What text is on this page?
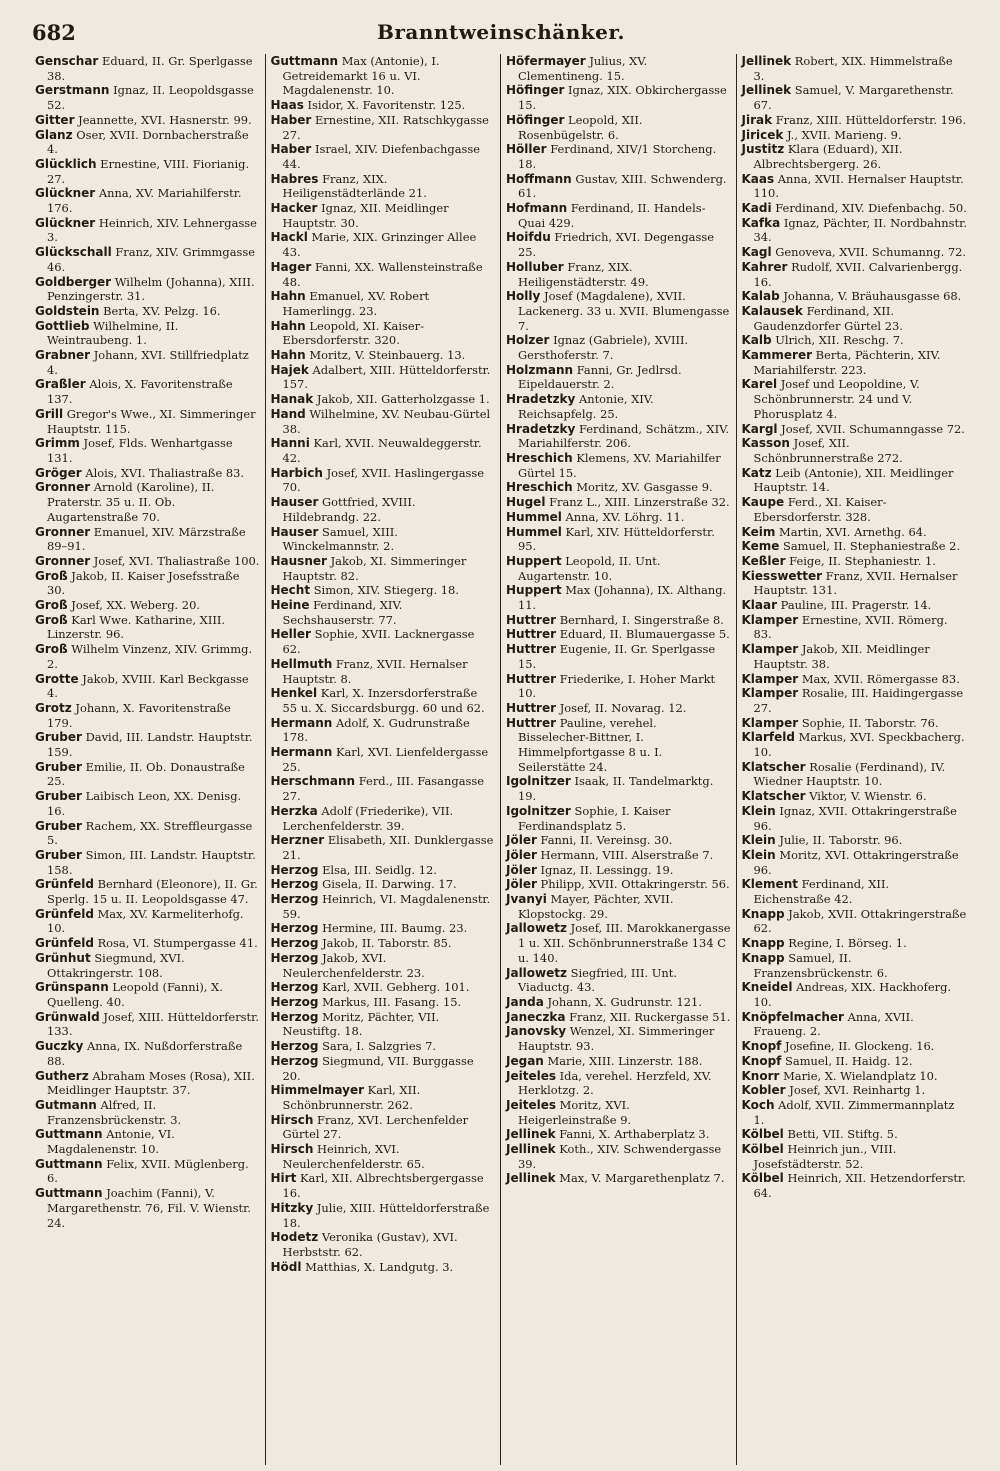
682	Branntweinschänker.
Genschar Eduard, II. Gr. Sperlgasse 38.
Gerstmann Ignaz, II. Leopoldsgasse 52.
Gitter Jeannette, XVI. Hasnerstr. 99.
Glanz Oser, XVII. Dornbacherstraße 4.
Glücklich Ernestine, VIII. Fiorianig. 27.
Glückner Anna, XV. Mariahilferstr. 176.
Glückner Heinrich, XIV. Lehnergasse 3.
Glückschall Franz, XIV. Grimmgasse 46.
Goldberger Wilhelm (Johanna), XIII. Penzingerstr. 31.
Goldstein Berta, XV. Pelzg. 16.
Gottlieb Wilhelmine, II. Weintraubeng. 1.
Grabner Johann, XVI. Stillfriedplatz 4.
Graßler Alois, X. Favoritenstraße 137.
Grill Gregor's Wwe., XI. Simmeringer Hauptstr. 115.
Grimm Josef, Flds. Wenhartgasse 131.
Gröger Alois, XVI. Thaliastraße 83.
Gronner Arnold (Karoline), II. Praterstr. 35 u. II. Ob. Augartenstraße 70.
Gronner Emanuel, XIV. Märzstraße 89–91.
Gronner Josef, XVI. Thaliastraße 100.
Groß Jakob, II. Kaiser Josefsstraße 30.
Groß Josef, XX. Weberg. 20.
Groß Karl Wwe. Katharine, XIII. Linzerstr. 96.
Groß Wilhelm Vinzenz, XIV. Grimmg. 2.
Grotte Jakob, XVIII. Karl Beckgasse 4.
Grotz Johann, X. Favoritenstraße 179.
Gruber David, III. Landstr. Hauptstr. 159.
Gruber Emilie, II. Ob. Donaustraße 25.
Gruber Laibisch Leon, XX. Denisg. 16.
Gruber Rachem, XX. Streffleurgasse 5.
Gruber Simon, III. Landstr. Hauptstr. 158.
Grünfeld Bernhard (Eleonore), II. Gr. Sperlg. 15 u. II. Leopoldsgasse 47.
Grünfeld Max, XV. Karmeliterhofg. 10.
Grünfeld Rosa, VI. Stumpergasse 41.
Grünhut Siegmund, XVI. Ottakringerstr. 108.
Grünspann Leopold (Fanni), X. Quelleng. 40.
Grünwald Josef, XIII. Hütteldorferstr. 133.
Guczky Anna, IX. Nußdorferstraße 88.
Gutherz Abraham Moses (Rosa), XII. Meidlinger Hauptstr. 37.
Gutmann Alfred, II. Franzensbrückenstr. 3.
Guttmann Antonie, VI. Magdalenenstr. 10.
Guttmann Felix, XVII. Müglenberg. 6.
Guttmann Joachim (Fanni), V. Margarethenstr. 76, Fil. V. Wienstr. 24.
Guttmann Max (Antonie), I. Getreidemarkt 16 u. VI. Magdalenenstr. 10.
Haas Isidor, X. Favoritenstr. 125.
Haber Ernestine, XII. Ratschkygasse 27.
Haber Israel, XIV. Diefenbachgasse 44.
Habres Franz, XIX. Heiligenstädterlände 21.
Hacker Ignaz, XII. Meidlinger Hauptstr. 30.
Hackl Marie, XIX. Grinzinger Allee 43.
Hager Fanni, XX. Wallensteinstraße 48.
Hahn Emanuel, XV. Robert Hamerlingg. 23.
Hahn Leopold, XI. Kaiser-Ebersdorferstr. 320.
Hahn Moritz, V. Steinbauerg. 13.
Hajek Adalbert, XIII. Hütteldorferstr. 157.
Hanak Jakob, XII. Gatterholzgasse 1.
Hand Wilhelmine, XV. Neubau-Gürtel 38.
Hanni Karl, XVII. Neuwaldeggerstr. 42.
Harbich Josef, XVII. Haslingergasse 70.
Hauser Gottfried, XVIII. Hildebrandg. 22.
Hauser Samuel, XIII. Winckelmannstr. 2.
Hausner Jakob, XI. Simmeringer Hauptstr. 82.
Hecht Simon, XIV. Stiegerg. 18.
Heine Ferdinand, XIV. Sechshauserstr. 77.
Heller Sophie, XVII. Lacknergasse 62.
Hellmuth Franz, XVII. Hernalser Hauptstr. 8.
Henkel Karl, X. Inzersdorferstraße 55 u. X. Siccardsburgg. 60 und 62.
Hermann Adolf, X. Gudrunstraße 178.
Hermann Karl, XVI. Lienfeldergasse 25.
Herschmann Ferd., III. Fasangasse 27.
Herzka Adolf (Friederike), VII. Lerchenfelderstr. 39.
Herzner Elisabeth, XII. Dunklergasse 21.
Herzog Elsa, III. Seidlg. 12.
Herzog Gisela, II. Darwing. 17.
Herzog Heinrich, VI. Magdalenenstr. 59.
Herzog Hermine, III. Baumg. 23.
Herzog Jakob, II. Taborstr. 85.
Herzog Jakob, XVI. Neulerchenfelderstr. 23.
Herzog Karl, XVII. Gebherg. 101.
Herzog Markus, III. Fasang. 15.
Herzog Moritz, Pächter, VII. Neustiftg. 18.
Herzog Sara, I. Salzgries 7.
Herzog Siegmund, VII. Burggasse 20.
Himmelmayer Karl, XII. Schönbrunnerstr. 262.
Hirsch Franz, XVI. Lerchenfelder Gürtel 27.
Hirsch Heinrich, XVI. Neulerchenfelderstr. 65.
Hirt Karl, XII. Albrechtsbergergasse 16.
Hitzky Julie, XIII. Hütteldorferstraße 18.
Hodetz Veronika (Gustav), XVI. Herbststr. 62.
Hödl Matthias, X. Landgutg. 3.
Höfermayer Julius, XV. Clementineng. 15.
Höfinger Ignaz, XIX. Obkirchergasse 15.
Höfinger Leopold, XII. Rosenbügelstr. 6.
Höller Ferdinand, XIV/1 Storcheng. 18.
Hoffmann Gustav, XIII. Schwenderg. 61.
Hofmann Ferdinand, II. Handels-Quai 429.
Hoifdu Friedrich, XVI. Degengasse 25.
Holluber Franz, XIX. Heiligenstädterstr. 49.
Holly Josef (Magdalene), XVII. Lackenerg. 33 u. XVII. Blumengasse 7.
Holzer Ignaz (Gabriele), XVIII. Gersthoferstr. 7.
Holzmann Fanni, Gr. Jedlrsd. Eipeldauerstr. 2.
Hradetzky Antonie, XIV. Reichsapfelg. 25.
Hradetzky Ferdinand, Schätzm., XIV. Mariahilferstr. 206.
Hreschich Klemens, XV. Mariahilfer Gürtel 15.
Hreschich Moritz, XV. Gasgasse 9.
Hugel Franz L., XIII. Linzerstraße 32.
Hummel Anna, XV. Löhrg. 11.
Hummel Karl, XIV. Hütteldorferstr. 95.
Huppert Leopold, II. Unt. Augartenstr. 10.
Huppert Max (Johanna), IX. Althang. 11.
Huttrer Bernhard, I. Singerstraße 8.
Huttrer Eduard, II. Blumauergasse 5.
Huttrer Eugenie, II. Gr. Sperlgasse 15.
Huttrer Friederike, I. Hoher Markt 10.
Huttrer Josef, II. Novarag. 12.
Huttrer Pauline, verehel. Bisselecher-Bittner, I. Himmelpfortgasse 8 u. I. Seilerstätte 24.
Igolnitzer Isaak, II. Tandelmarktg. 19.
Igolnitzer Sophie, I. Kaiser Ferdinandsplatz 5.
Jöler Fanni, II. Vereinsg. 30.
Jöler Hermann, VIII. Alserstraße 7.
Jöler Ignaz, II. Lessingg. 19.
Jöler Philipp, XVII. Ottakringerstr. 56.
Jvanyi Mayer, Pächter, XVII. Klopstockg. 29.
Jallowetz Josef, III. Marokkanergasse 1 u. XII. Schönbrunnerstraße 134 C u. 140.
Jallowetz Siegfried, III. Unt. Viaductg. 43.
Janda Johann, X. Gudrunstr. 121.
Janeczka Franz, XII. Ruckergasse 51.
Janovsky Wenzel, XI. Simmeringer Hauptstr. 93.
Jegan Marie, XIII. Linzerstr. 188.
Jeiteles Ida, verehel. Herzfeld, XV. Herklotzg. 2.
Jeiteles Moritz, XVI. Heigerleinstraße 9.
Jellinek Fanni, X. Arthaberplatz 3.
Jellinek Koth., XIV. Schwendergasse 39.
Jellinek Max, V. Margarethenplatz 7.
Jellinek Robert, XIX. Himmelstraße 3.
Jellinek Samuel, V. Margarethenstr. 67.
Jirak Franz, XIII. Hütteldorferstr. 196.
Jiricek J., XVII. Marieng. 9.
Justitz Klara (Eduard), XII. Albrechtsbergerg. 26.
Kaas Anna, XVII. Hernalser Hauptstr. 110.
Kadi Ferdinand, XIV. Diefenbachg. 50.
Kafka Ignaz, Pächter, II. Nordbahnstr. 34.
Kagl Genoveva, XVII. Schumanng. 72.
Kahrer Rudolf, XVII. Calvarienbergg. 16.
Kalab Johanna, V. Bräuhausgasse 68.
Kalausek Ferdinand, XII. Gaudenzdorfer Gürtel 23.
Kalb Ulrich, XII. Reschg. 7.
Kammerer Berta, Pächterin, XIV. Mariahilferstr. 223.
Karel Josef und Leopoldine, V. Schönbrunnerstr. 24 und V. Phorusplatz 4.
Kargl Josef, XVII. Schumanngasse 72.
Kasson Josef, XII. Schönbrunnerstraße 272.
Katz Leib (Antonie), XII. Meidlinger Hauptstr. 14.
Kaupe Ferd., XI. Kaiser-Ebersdorferstr. 328.
Keim Martin, XVI. Arnethg. 64.
Keme Samuel, II. Stephaniestraße 2.
Keßler Feige, II. Stephaniestr. 1.
Kiesswetter Franz, XVII. Hernalser Hauptstr. 131.
Klaar Pauline, III. Pragerstr. 14.
Klamper Ernestine, XVII. Römerg. 83.
Klamper Jakob, XII. Meidlinger Hauptstr. 38.
Klamper Max, XVII. Römergasse 83.
Klamper Rosalie, III. Haidingergasse 27.
Klamper Sophie, II. Taborstr. 76.
Klarfeld Markus, XVI. Speckbacherg. 10.
Klatscher Rosalie (Ferdinand), IV. Wiedner Hauptstr. 10.
Klatscher Viktor, V. Wienstr. 6.
Klein Ignaz, XVII. Ottakringerstraße 96.
Klein Julie, II. Taborstr. 96.
Klein Moritz, XVI. Ottakringerstraße 96.
Klement Ferdinand, XII. Eichenstraße 42.
Knapp Jakob, XVII. Ottakringerstraße 62.
Knapp Regine, I. Börseg. 1.
Knapp Samuel, II. Franzensbrückenstr. 6.
Kneidel Andreas, XIX. Hackhoferg. 10.
Knöpfelmacher Anna, XVII. Fraueng. 2.
Knopf Josefine, II. Glockeng. 16.
Knopf Samuel, II. Haidg. 12.
Knorr Marie, X. Wielandplatz 10.
Kobler Josef, XVI. Reinhartg 1.
Koch Adolf, XVII. Zimmermannplatz 1.
Kölbel Betti, VII. Stiftg. 5.
Kölbel Heinrich jun., VIII. Josefstädterstr. 52.
Kölbel Heinrich, XII. Hetzendorferstr. 64.
